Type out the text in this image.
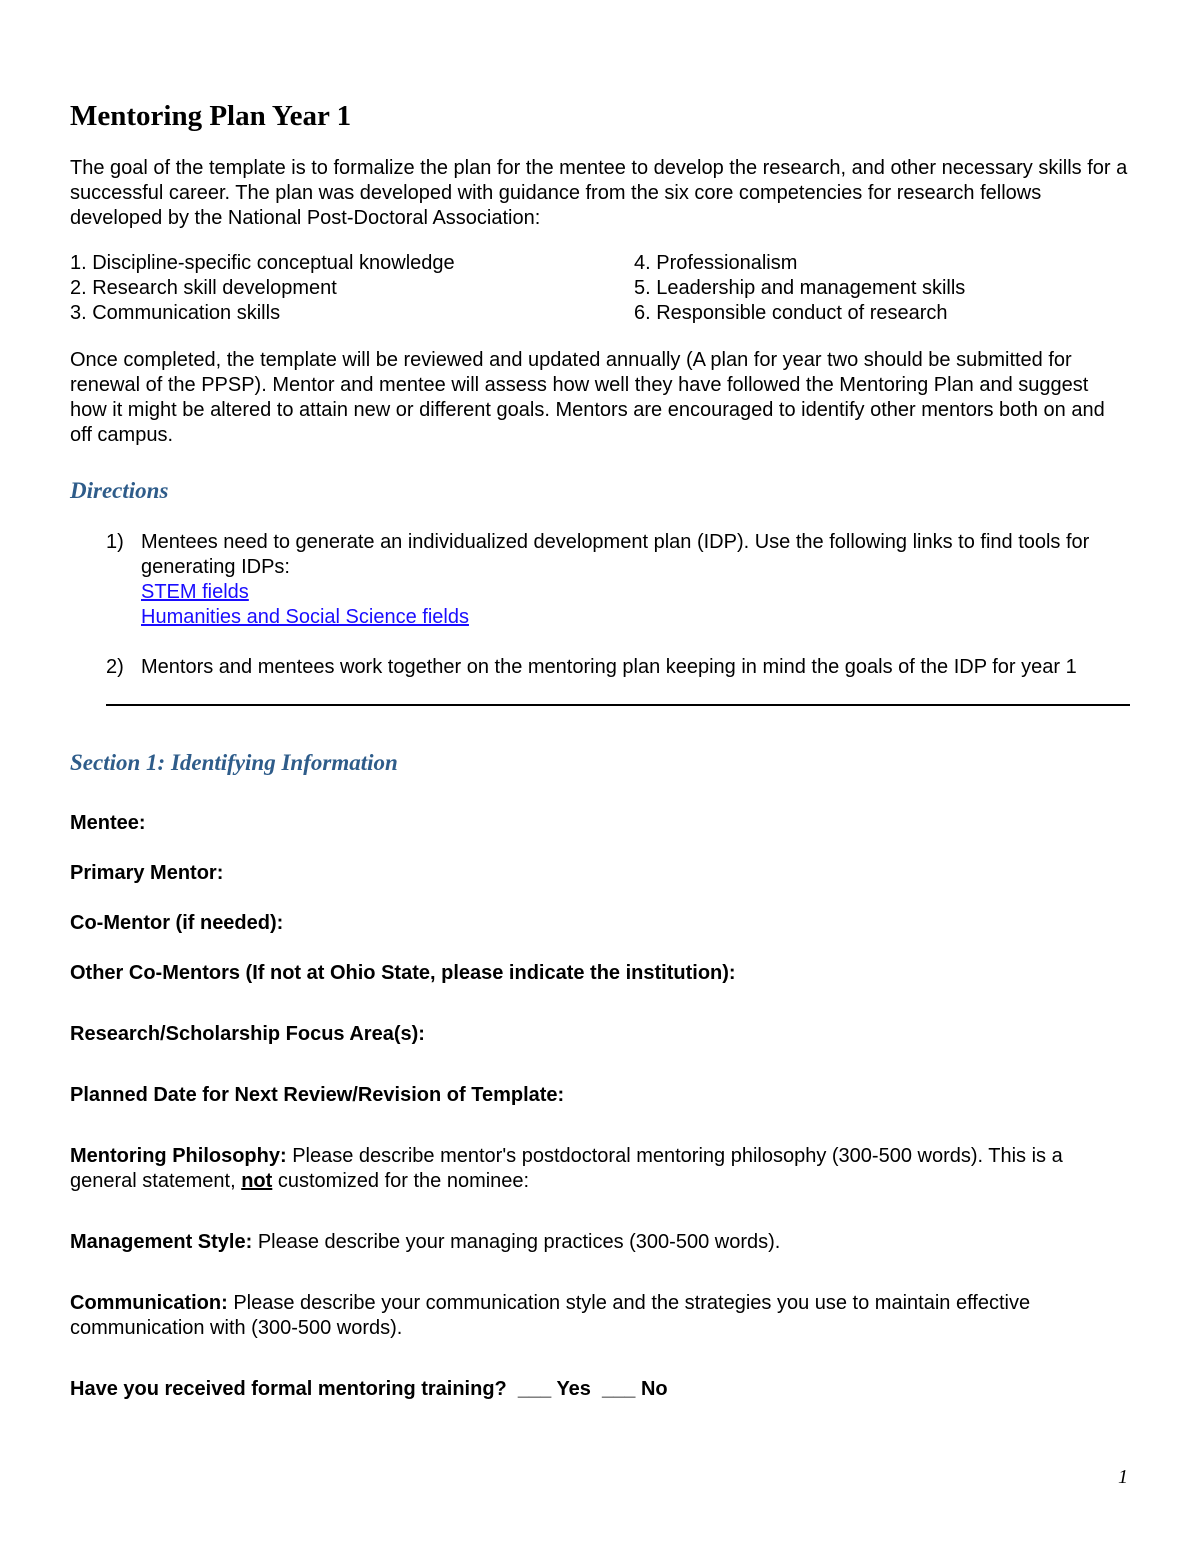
Mentoring Plan Year 1

The goal of the template is to formalize the plan for the mentee to develop the research, and other necessary skills for a successful career. The plan was developed with guidance from the six core competencies for research fellows developed by the National Post-Doctoral Association:

1. Discipline-specific conceptual knowledge	4. Professionalism
2. Research skill development	5. Leadership and management skills
3. Communication skills	6. Responsible conduct of research

Once completed, the template will be reviewed and updated annually (A plan for year two should be submitted for renewal of the PPSP). Mentor and mentee will assess how well they have followed the Mentoring Plan and suggest how it might be altered to attain new or different goals. Mentors are encouraged to identify other mentors both on and off campus.

Directions
1) Mentees need to generate an individualized development plan (IDP). Use the following links to find tools for generating IDPs:
STEM fields
Humanities and Social Science fields
2) Mentors and mentees work together on the mentoring plan keeping in mind the goals of the IDP for year 1
Section 1: Identifying Information

Mentee:

Primary Mentor:

Co-Mentor (if needed):

Other Co-Mentors (If not at Ohio State, please indicate the institution):

Research/Scholarship Focus Area(s):

Planned Date for Next Review/Revision of Template:

Mentoring Philosophy: Please describe mentor's postdoctoral mentoring philosophy (300-500 words). This is a general statement, not customized for the nominee:

Management Style: Please describe your managing practices (300-500 words).

Communication: Please describe your communication style and the strategies you use to maintain effective communication with (300-500 words).

Have you received formal mentoring training?  ___ Yes  ___ No

1
